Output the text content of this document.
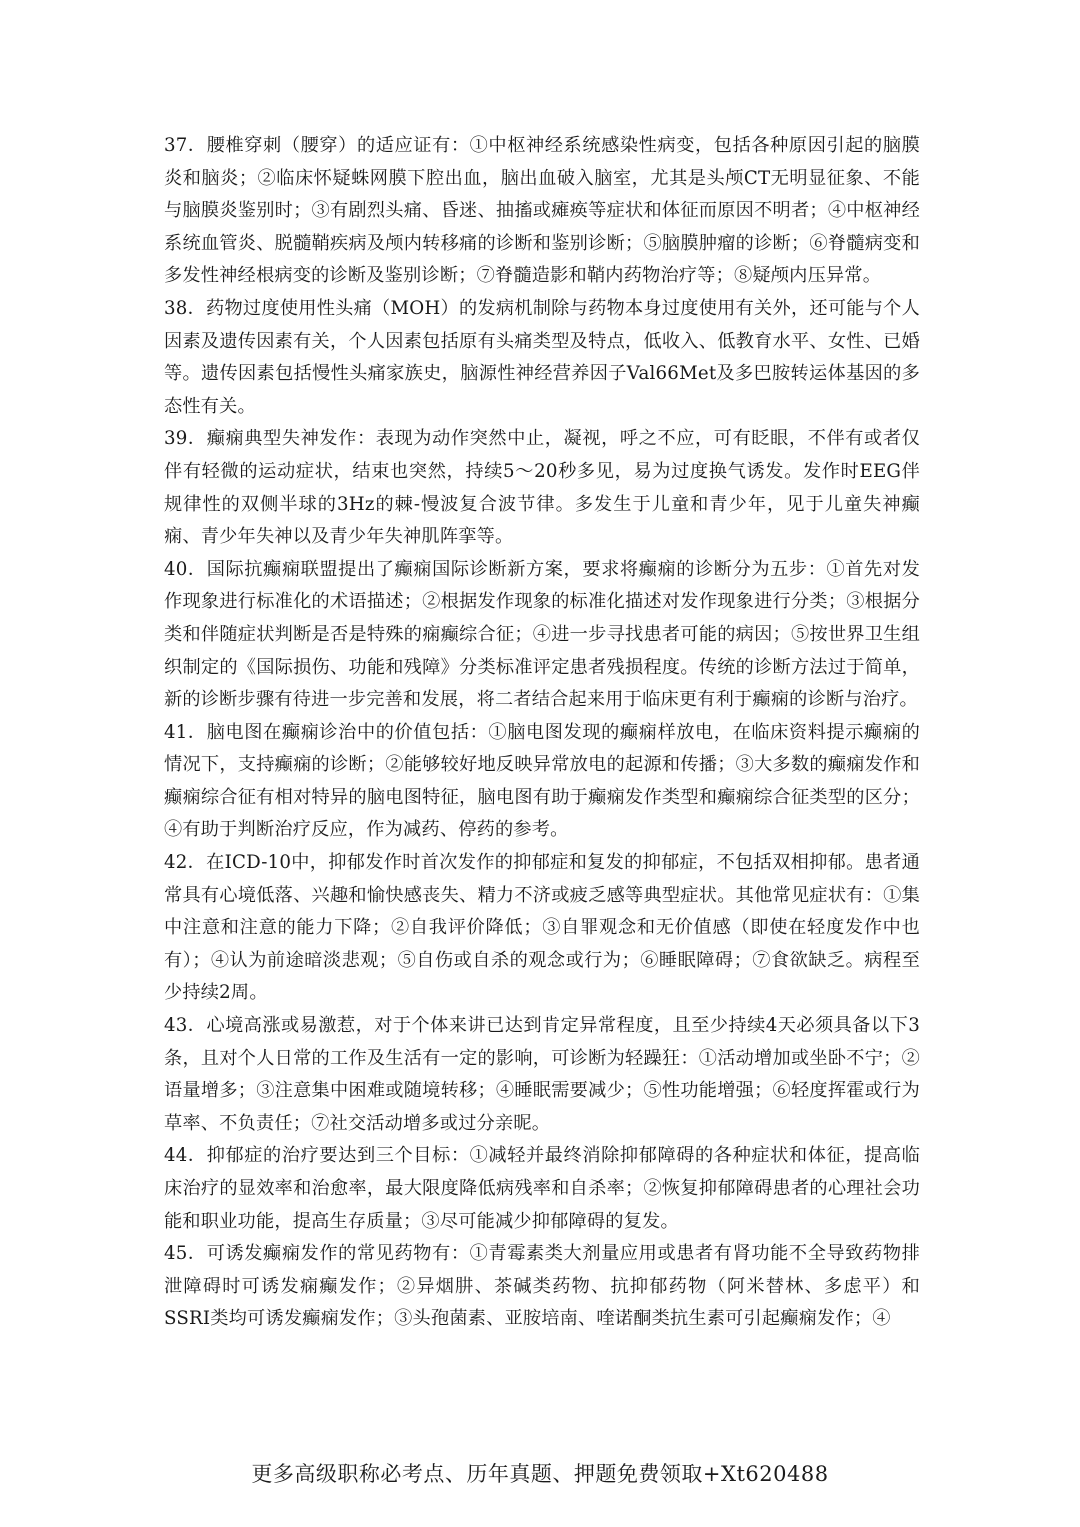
37．腰椎穿刺（腰穿）的适应证有：①中枢神经系统感染性病变，包括各种原因引起的脑膜炎和脑炎；②临床怀疑蛛网膜下腔出血，脑出血破入脑室，尤其是头颅CT无明显征象、不能与脑膜炎鉴别时；③有剧烈头痛、昏迷、抽搐或瘫痪等症状和体征而原因不明者；④中枢神经系统血管炎、脱髓鞘疾病及颅内转移痛的诊断和鉴别诊断；⑤脑膜肿瘤的诊断；⑥脊髓病变和多发性神经根病变的诊断及鉴别诊断；⑦脊髓造影和鞘内药物治疗等；⑧疑颅内压异常。

38．药物过度使用性头痛（MOH）的发病机制除与药物本身过度使用有关外，还可能与个人因素及遗传因素有关，个人因素包括原有头痛类型及特点，低收入、低教育水平、女性、已婚等。遗传因素包括慢性头痛家族史，脑源性神经营养因子Val66Met及多巴胺转运体基因的多态性有关。

39．癫痫典型失神发作：表现为动作突然中止，凝视，呼之不应，可有眨眼，不伴有或者仅伴有轻微的运动症状，结束也突然，持续5～20秒多见，易为过度换气诱发。发作时EEG伴规律性的双侧半球的3Hz的棘-慢波复合波节律。多发生于儿童和青少年，见于儿童失神癫痫、青少年失神以及青少年失神肌阵挛等。

40．国际抗癫痫联盟提出了癫痫国际诊断新方案，要求将癫痫的诊断分为五步：①首先对发作现象进行标准化的术语描述；②根据发作现象的标准化描述对发作现象进行分类；③根据分类和伴随症状判断是否是特殊的痫癫综合征；④进一步寻找患者可能的病因；⑤按世界卫生组织制定的《国际损伤、功能和残障》分类标准评定患者残损程度。传统的诊断方法过于简单，新的诊断步骤有待进一步完善和发展，将二者结合起来用于临床更有利于癫痫的诊断与治疗。

41．脑电图在癫痫诊治中的价值包括：①脑电图发现的癫痫样放电，在临床资料提示癫痫的情况下，支持癫痫的诊断；②能够较好地反映异常放电的起源和传播；③大多数的癫痫发作和癫痫综合征有相对特异的脑电图特征，脑电图有助于癫痫发作类型和癫痫综合征类型的区分；④有助于判断治疗反应，作为减药、停药的参考。

42．在ICD-10中，抑郁发作时首次发作的抑郁症和复发的抑郁症，不包括双相抑郁。患者通常具有心境低落、兴趣和愉快感丧失、精力不济或疲乏感等典型症状。其他常见症状有：①集中注意和注意的能力下降；②自我评价降低；③自罪观念和无价值感（即使在轻度发作中也有）；④认为前途暗淡悲观；⑤自伤或自杀的观念或行为；⑥睡眠障碍；⑦食欲缺乏。病程至少持续2周。

43．心境高涨或易激惹，对于个体来讲已达到肯定异常程度，且至少持续4天必须具备以下3条，且对个人日常的工作及生活有一定的影响，可诊断为轻躁狂：①活动增加或坐卧不宁；②语量增多；③注意集中困难或随境转移；④睡眠需要减少；⑤性功能增强；⑥轻度挥霍或行为草率、不负责任；⑦社交活动增多或过分亲昵。

44．抑郁症的治疗要达到三个目标：①减轻并最终消除抑郁障碍的各种症状和体征，提高临床治疗的显效率和治愈率，最大限度降低病残率和自杀率；②恢复抑郁障碍患者的心理社会功能和职业功能，提高生存质量；③尽可能减少抑郁障碍的复发。

45．可诱发癫痫发作的常见药物有：①青霉素类大剂量应用或患者有肾功能不全导致药物排泄障碍时可诱发痫癫发作；②异烟肼、茶碱类药物、抗抑郁药物（阿米替林、多虑平）和SSRI类均可诱发癫痫发作；③头孢菌素、亚胺培南、喹诺酮类抗生素可引起癫痫发作；④

更多高级职称必考点、历年真题、押题免费领取+Xt620488
